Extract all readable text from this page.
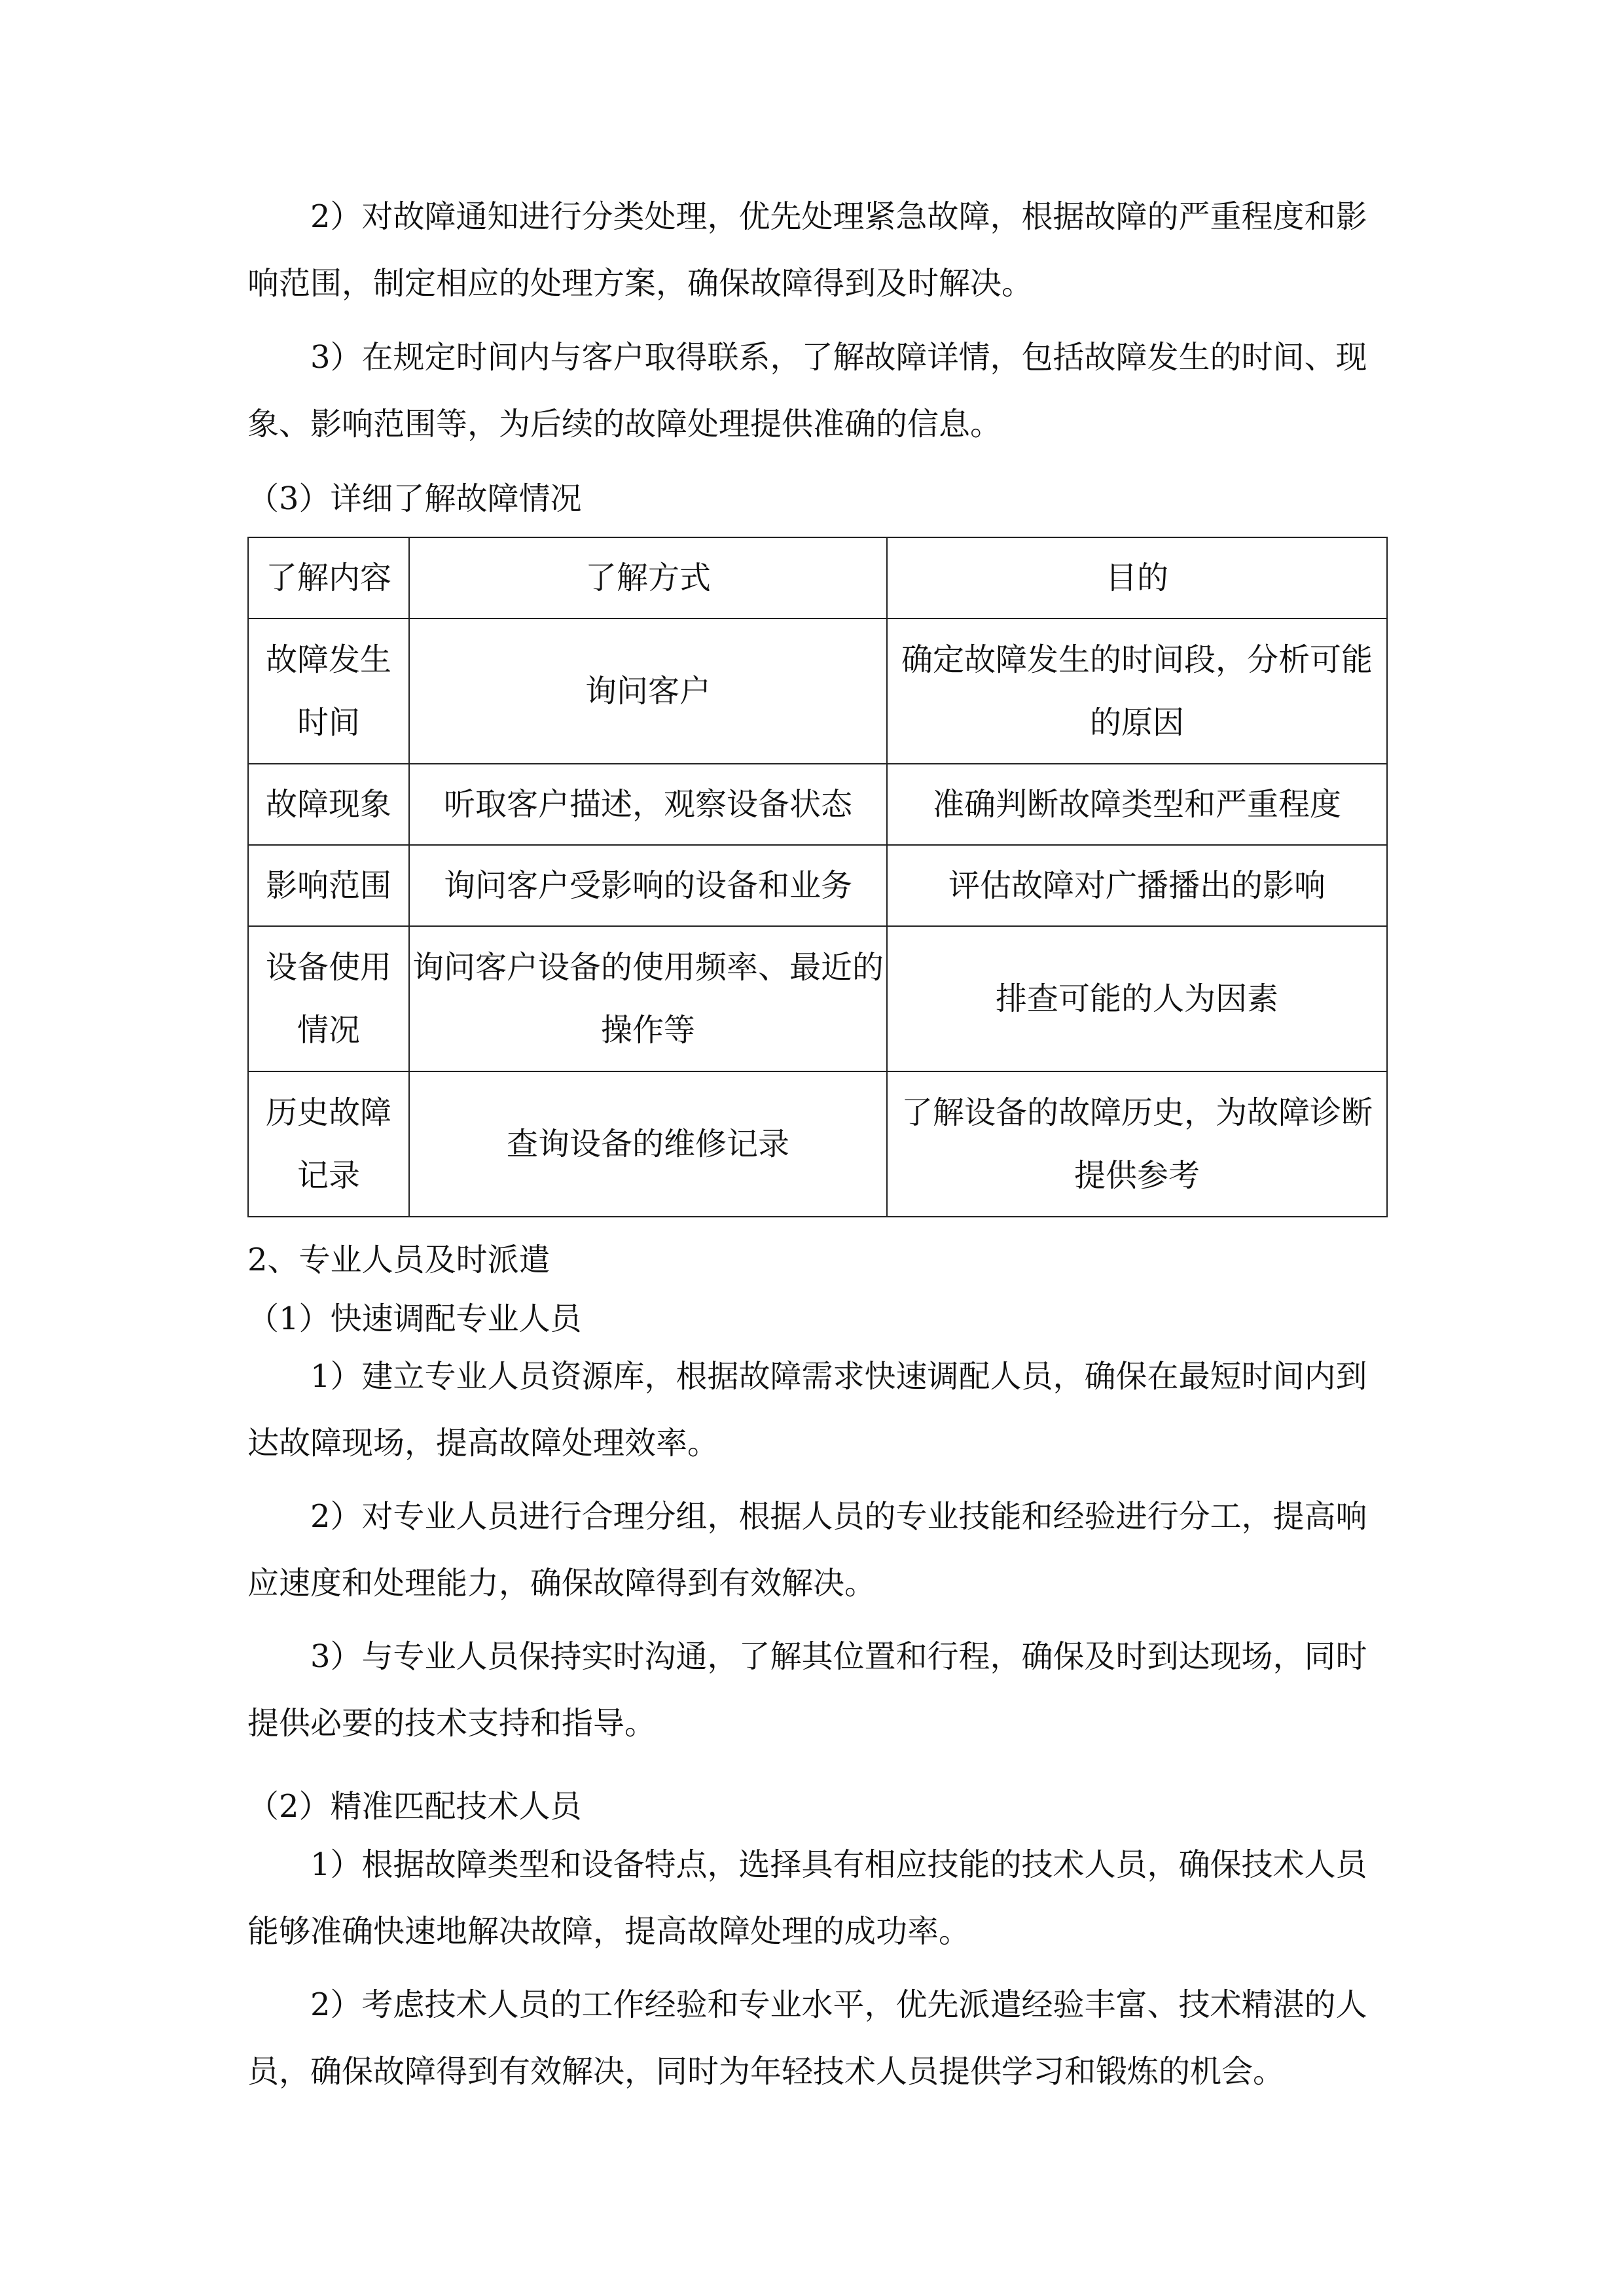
2）对故障通知进行分类处理，优先处理紧急故障，根据故障的严重程度和影响范围，制定相应的处理方案，确保故障得到及时解决。

3）在规定时间内与客户取得联系，了解故障详情，包括故障发生的时间、现象、影响范围等，为后续的故障处理提供准确的信息。

（3）详细了解故障情况

了解内容	了解方式	目的
故障发生时间	询问客户	确定故障发生的时间段，分析可能的原因
故障现象	听取客户描述，观察设备状态	准确判断故障类型和严重程度
影响范围	询问客户受影响的设备和业务	评估故障对广播播出的影响
设备使用情况	询问客户设备的使用频率、最近的操作等	排查可能的人为因素
历史故障记录	查询设备的维修记录	了解设备的故障历史，为故障诊断提供参考

2、专业人员及时派遣

（1）快速调配专业人员

1）建立专业人员资源库，根据故障需求快速调配人员，确保在最短时间内到达故障现场，提高故障处理效率。

2）对专业人员进行合理分组，根据人员的专业技能和经验进行分工，提高响应速度和处理能力，确保故障得到有效解决。

3）与专业人员保持实时沟通，了解其位置和行程，确保及时到达现场，同时提供必要的技术支持和指导。

（2）精准匹配技术人员

1）根据故障类型和设备特点，选择具有相应技能的技术人员，确保技术人员能够准确快速地解决故障，提高故障处理的成功率。

2）考虑技术人员的工作经验和专业水平，优先派遣经验丰富、技术精湛的人员，确保故障得到有效解决，同时为年轻技术人员提供学习和锻炼的机会。
